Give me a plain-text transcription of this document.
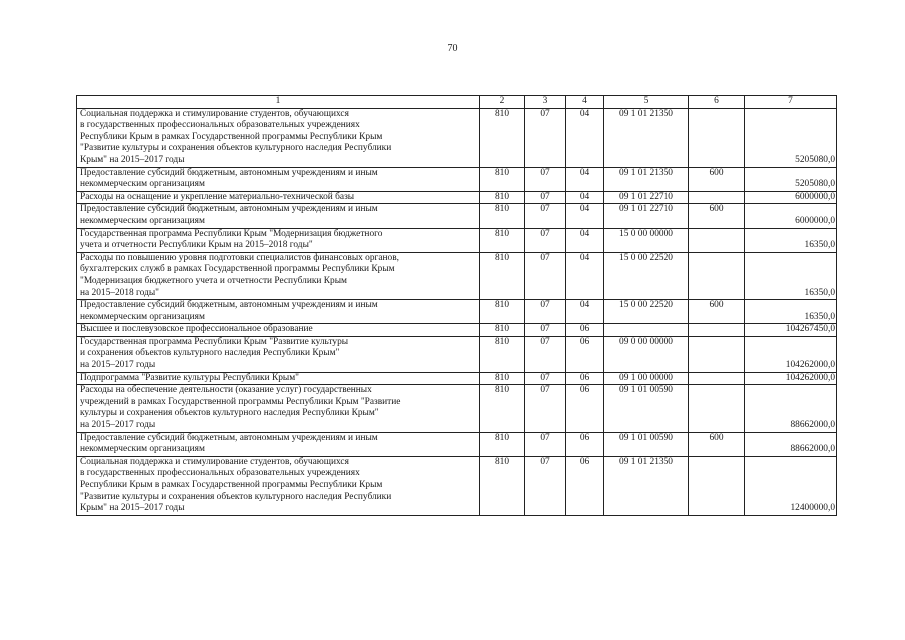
70
1	2	3	4	5	6	7
Социальная поддержка и стимулирование студентов, обучающихся
в государственных профессиональных образовательных учреждениях
Республики Крым в рамках Государственной программы Республики Крым
"Развитие культуры и сохранения объектов культурного наследия Республики
Крым" на 2015–2017 годы	810	07	04	09 1 01 21350		5205080,0
Предоставление субсидий бюджетным, автономным учреждениям и иным
некоммерческим организациям	810	07	04	09 1 01 21350	600	5205080,0
Расходы на оснащение и укрепление материально-технической базы	810	07	04	09 1 01 22710		6000000,0
Предоставление субсидий бюджетным, автономным учреждениям и иным
некоммерческим организациям	810	07	04	09 1 01 22710	600	6000000,0
Государственная программа Республики Крым "Модернизация бюджетного
учета и отчетности Республики Крым на 2015–2018 годы"	810	07	04	15 0 00 00000		16350,0
Расходы по повышению уровня подготовки специалистов финансовых органов,
бухгалтерских служб в рамках Государственной программы Республики Крым
"Модернизация бюджетного учета и отчетности Республики Крым
на 2015–2018 годы"	810	07	04	15 0 00 22520		16350,0
Предоставление субсидий бюджетным, автономным учреждениям и иным
некоммерческим организациям	810	07	04	15 0 00 22520	600	16350,0
Высшее и послевузовское профессиональное образование	810	07	06			104267450,0
Государственная программа Республики Крым "Развитие культуры
и сохранения объектов культурного наследия Республики Крым"
на 2015–2017 годы	810	07	06	09 0 00 00000		104262000,0
Подпрограмма "Развитие культуры Республики Крым"	810	07	06	09 1 00 00000		104262000,0
Расходы на обеспечение деятельности (оказание услуг) государственных
учреждений в рамках Государственной программы Республики Крым "Развитие
культуры и сохранения объектов культурного наследия Республики Крым"
на 2015–2017 годы	810	07	06	09 1 01 00590		88662000,0
Предоставление субсидий бюджетным, автономным учреждениям и иным
некоммерческим организациям	810	07	06	09 1 01 00590	600	88662000,0
Социальная поддержка и стимулирование студентов, обучающихся
в государственных профессиональных образовательных учреждениях
Республики Крым в рамках Государственной программы Республики Крым
"Развитие культуры и сохранения объектов культурного наследия Республики
Крым" на 2015–2017 годы	810	07	06	09 1 01 21350		12400000,0
